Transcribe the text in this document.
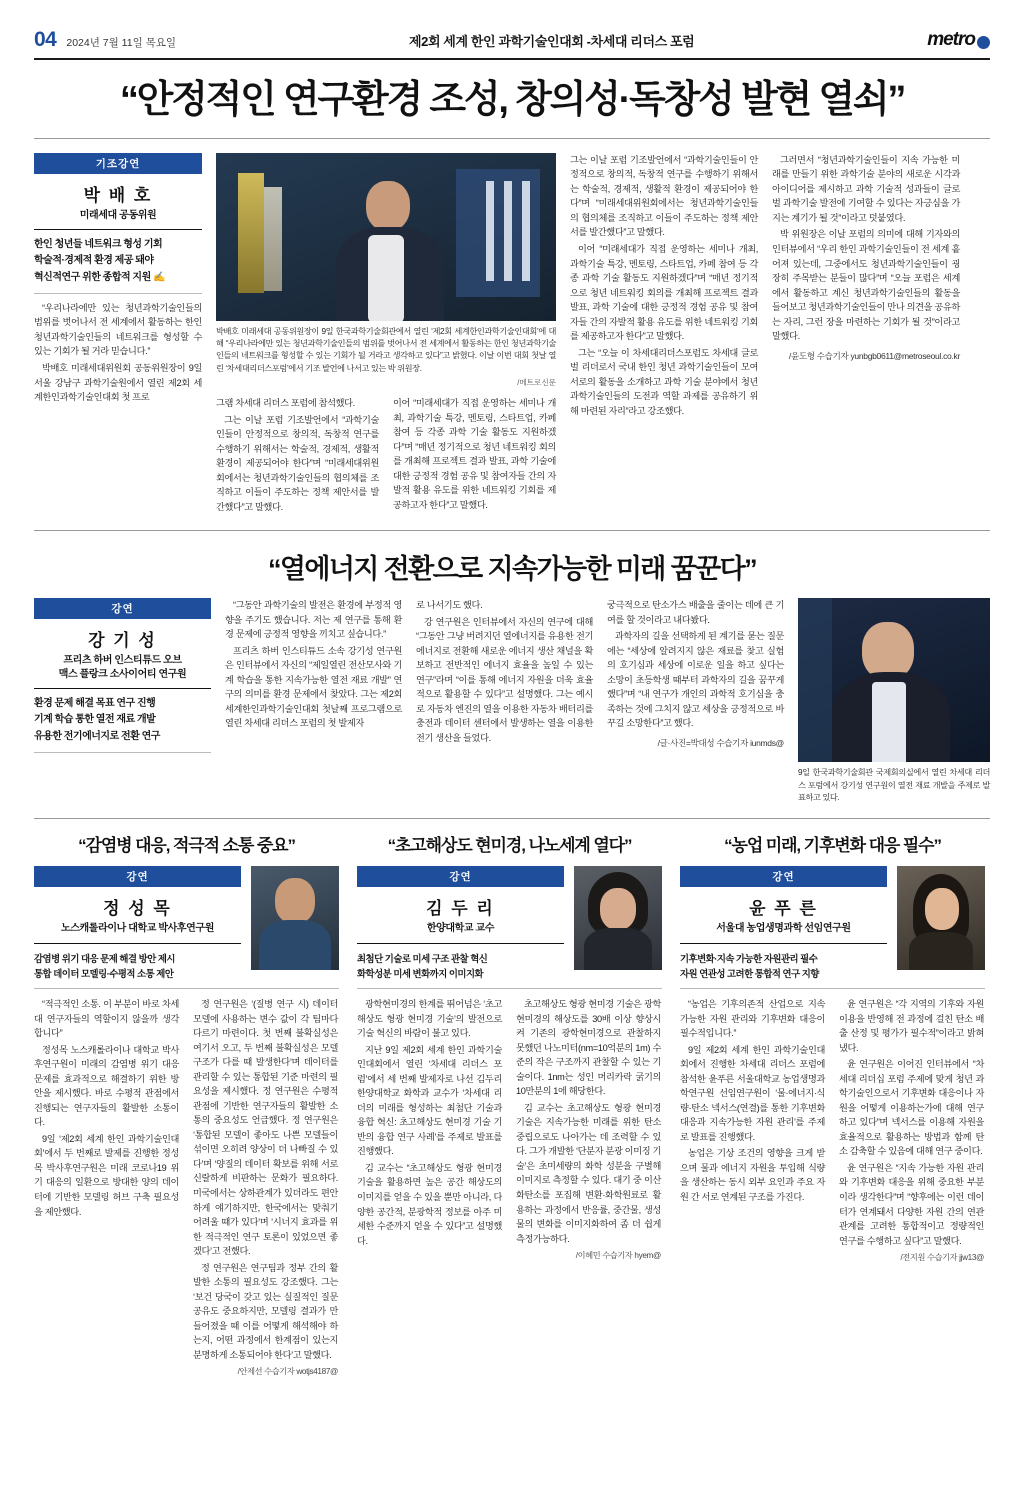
04 2024년 7월 11일 목요일	제2회 세계 한인 과학기술인대회 -차세대 리더스 포럼	metro
“안정적인 연구환경 조성, 창의성·독창성 발현 열쇠”
기조강연
박 배 호
미래세대 공동위원
한인 청년들 네트워크 형성 기회
학술적·경제적 환경 제공 돼야
혁신적연구 위한 종합적 지원 ✍

“우리나라에만 있는 청년과학기술인들의 범위를 벗어나서 전 세계에서 활동하는 한인 청년과학기술인들의 네트워크를 형성할 수 있는 기회가 될 거라 믿습니다.”

박배호 미래세대위원회 공동위원장이 9일 서울 강남구 과학기술원에서 열린 제2회 세계한인과학기술인대회 첫 프로

박배호 미래세대 공동위원장이 9일 한국과학기술회관에서 열린 ‘제2회 세계한인과학기술인대회’에 대해 “우리나라에만 있는 청년과학기술인들의 범위를 벗어나서 전 세계에서 활동하는 한인 청년과학기술인들의 네트워크를 형성할 수 있는 기회가 될 거라고 생각하고 있다”고 밝혔다. 이날 이번 대회 첫날 열린 ‘차세대리더스포럼’에서 기조 발언에 나서고 있는 박 위원장.
/메트로신문

그램 차세대 리더스 포럼에 참석했다.

그는 이날 포럼 기조발언에서 “과학기술인들이 안정적으로 창의적, 독창적 연구를 수행하기 위해서는 학술적, 경제적, 생활적 환경이 제공되어야 한다”며 “미래세대위원회에서는 청년과학기술인들의 협의체를 조직하고 이들이 주도하는 정책 제안서를 발간했다”고 말했다.

이어 “미래세대가 직접 운영하는 세미나 개최, 과학기술 특강, 멘토링, 스타트업, 카페 참여 등 각종 과학 기술 활동도 지원하겠다”며 “매년 정기적으로 청년 네트워킹 회의를 개최해 프로젝트 결과 발표, 과학 기술에 대한 긍정적 경험 공유 및 참여자들 간의 자발적 활용 유도를 위한 네트워킹 기회를 제공하고자 한다”고 말했다.

그는 이날 포럼 기조발언에서 “과학기술인들이 안정적으로 창의적, 독창적 연구를 수행하기 위해서는 학술적, 경제적, 생활적 환경이 제공되어야 한다”며 “미래세대위원회에서는 청년과학기술인들의 협의체를 조직하고 이들이 주도하는 정책 제안서를 발간했다”고 말했다.

이어 “미래세대가 직접 운영하는 세미나 개최, 과학기술 특강, 멘토링, 스타트업, 카페 참여 등 각종 과학 기술 활동도 지원하겠다”며 “매년 정기적으로 청년 네트워킹 회의를 개최해 프로젝트 결과 발표, 과학 기술에 대한 긍정적 경험 공유 및 참여자들 간의 자발적 활용 유도를 위한 네트워킹 기회를 제공하고자 한다”고 말했다.

그는 “오늘 이 차세대리더스포럼도 차세대 글로벌 리더로서 국내 한인 청년 과학기술인들이 모여 서로의 활동을 소개하고 과학 기술 분야에서 청년과학기술인들의 도전과 역할 과제를 공유하기 위해 마련된 자리”라고 강조했다.

그러면서 “청년과학기술인들이 지속 가능한 미래를 만들기 위한 과학기술 분야의 새로운 시각과 아이디어를 제시하고 과학 기술적 성과들이 글로벌 과학기술 발전에 기여할 수 있다는 자긍심을 가지는 계기가 될 것”이라고 덧붙였다.

박 위원장은 이날 포럼의 의미에 대해 기자와의 인터뷰에서 “우리 한인 과학기술인들이 전 세계 흩어져 있는데, 그중에서도 청년과학기술인들이 굉장히 주목받는 분들이 많다”며 “오늘 포럼은 세계에서 활동하고 계신 청년과학기술인들의 활동을 들어보고 청년과학기술인들이 만나 의견을 공유하는 자리, 그런 장을 마련하는 기회가 될 것”이라고 말했다.

/윤도형 수습기자 yunbgb0611@metroseoul.co.kr
“열에너지 전환으로 지속가능한 미래 꿈꾼다”
강연
강 기 성
프리츠 하버 인스티튜드 오브
맥스 플랑크 소사이어티 연구원
환경 문제 해결 목표 연구 진행
기계 학습 통한 열전 재료 개발
유용한 전기에너지로 전환 연구

“그동안 과학기술의 발전은 환경에 부정적 영향을 주기도 했습니다. 저는 제 연구를 통해 환경 문제에 긍정적 영향을 끼치고 싶습니다.”

프리츠 하버 인스티튜드 소속 강기성 연구원은 인터뷰에서 자신의 “제일열린 전산모사와 기계 학습을 통한 지속가능한 열전 재료 개발” 연구의 의미를 환경 문제에서 찾았다. 그는 제2회 세계한인과학기술인대회 첫날째 프로그램으로 열린 차세대 리더스 포럼의 첫 발제자

로 나서기도 했다.

강 연구원은 인터뷰에서 자신의 연구에 대해 “그동안 그냥 버려지던 열에너지를 유용한 전기에너지로 전환해 새로운 에너지 생산 채널을 확보하고 전반적인 에너지 효율을 높일 수 있는 연구”라며 “이를 통해 에너지 자원을 더욱 효율적으로 활용할 수 있다”고 설명했다. 그는 예시로 자동차 엔진의 열을 이용한 자동차 배터리를 충전과 데이터 센터에서 발생하는 열을 이용한 전기 생산을 들었다.

궁극적으로 탄소가스 배출을 줄이는 데에 큰 기여를 할 것이라고 내다봤다.

과학자의 길을 선택하게 된 계기를 묻는 질문에는 “세상에 알려지지 않은 재료를 찾고 실험의 호기심과 세상에 이로운 일을 하고 싶다는 소망이 초등학생 때부터 과학자의 길을 꿈꾸게 했다”며 “내 연구가 개인의 과학적 호기심을 충족하는 것에 그치지 않고 세상을 긍정적으로 바꾸길 소망한다”고 했다.

/글·사진=박대성 수습기자 iunmds@
9일 한국과학기술회관 국제회의실에서 열린 차세대 리더스 포럼에서 강기성 연구원이 열전 재료 개발을 주제로 발표하고 있다.
“감염병 대응, 적극적 소통 중요”
강연
정 성 목
노스캐롤라이나 대학교 박사후연구원
감염병 위기 대응 문제 해결 방안 제시
통합 데이터 모델링·수평적 소통 제안

“적극적인 소통. 이 부분이 바로 차세대 연구자들의 역할이지 않을까 생각합니다”

정성목 노스캐롤라이나 대학교 박사후연구원이 미래의 감염병 위기 대응 문제를 효과적으로 해결하기 위한 방안을 제시했다. 바로 수평적 관점에서 진행되는 연구자들의 활발한 소통이다.

9일 ‘제2회 세계 한인 과학기술인대회’에서 두 번째로 발제를 진행한 정성목 박사후연구원은 미래 코로나19 위기 대응의 일환으로 방대한 양의 데이터에 기반한 모델링 허브 구축 필요성을 제안했다.

정 연구원은 ‘(질병 연구 시) 데이터 모델에 사용하는 변수 값이 각 팀마다 다르기 마련이다. 첫 번째 불확실성은 여기서 오고, 두 번째 불확실성은 모델 구조가 다를 때 발생한다’며 데이터를 관리할 수 있는 통합된 기준 마련의 필요성을 제시했다. 정 연구원은 수평적 관점에 기반한 연구자들의 활발한 소통의 중요성도 언급했다. 정 연구원은 ‘통합된 모델이 좋아도 나쁜 모델들이 섞이면 오히려 양상이 더 나빠질 수 있다’며 ‘양질의 데이터 확보를 위해 서로 신랄하게 비판하는 문화가 필요하다. 미국에서는 상하관계가 있더라도 편안하게 얘기하지만, 한국에서는 맞춰기 어려울 때가 있다’며 ‘시너지 효과를 위한 적극적인 연구 토론이 있었으면 좋겠다’고 전했다.

정 연구원은 연구팀과 정부 간의 활발한 소통의 필요성도 강조했다. 그는 ‘보건 당국이 갖고 있는 실질적인 질문 공유도 중요하지만, 모델링 결과가 만들어졌을 때 이를 어떻게 해석해야 하는지, 어떤 과정에서 한계점이 있는지 분명하게 소통되어야 한다’고 말했다.

/안제선 수습기자 wotjs4187@
“초고해상도 현미경, 나노세계 열다”
강연
김 두 리
한양대학교 교수
최첨단 기술로 미세 구조 관찰 혁신
화학성분 미세 변화까지 이미지화

광학현미경의 한계를 뛰어넘은 ‘초고해상도 형광 현미경 기술’의 발전으로 기술 혁신의 바람이 불고 있다.

지난 9일 제2회 세계 한인 과학기술인대회에서 열린 ‘차세대 리더스 포럼’에서 세 번째 발제자로 나선 김두리 한양대학교 화학과 교수가 ‘차세대 리더의 미래를 형성하는 최첨단 기술과 융합 혁신: 초고해상도 현미경 기술 기반의 융합 연구 사례’를 주제로 발표를 진행했다.

김 교수는 “초고해상도 형광 현미경 기술을 활용하면 높은 공간 해상도의 이미지를 얻을 수 있을 뿐만 아니라, 다양한 공간적, 분광학적 정보를 아주 미세한 수준까지 얻을 수 있다”고 설명했다.

초고해상도 형광 현미경 기술은 광학 현미경의 해상도를 30배 이상 향상시켜 기존의 광학현미경으로 관찰하지 못했던 나노미터(nm=10억분의 1m) 수준의 작은 구조까지 관찰할 수 있는 기술이다. 1nm는 성인 머리카락 굵기의 10만분의 1에 해당한다.

김 교수는 초고해상도 형광 현미경 기술은 지속가능한 미래를 위한 탄소중립으로도 나아가는 데 조력할 수 있다. 그가 개발한 ‘단분자 분광 이미징 기술’은 초미세량의 화학 성분을 구별해 이미지로 측정할 수 있다. 대기 중 이산화탄소를 포집해 변환·화학원료로 활용하는 과정에서 반응률, 중간물, 생성물의 변화를 이미지화하여 좀 더 쉽게 측정가능하다.

/이혜민 수습기자 hyem@
“농업 미래, 기후변화 대응 필수”
강연
윤 푸 른
서울대 농업생명과학 선임연구원
기후변화·지속 가능한 자원관리 필수
자원 연관성 고려한 통합적 연구 지향

“농업은 기후의존적 산업으로 지속 가능한 자원 관리와 기후변화 대응이 필수적입니다.”

9일 제2회 세계 한인 과학기술인대회에서 진행한 차세대 리더스 포럼에 참석한 윤푸른 서울대학교 농업생명과학연구원 선임연구원이 ‘물·에너지·식량·탄소 넥서스(연결)를 통한 기후변화 대응과 지속가능한 자원 관리’를 주제로 발표를 진행했다.

농업은 기상 조건의 영향을 크게 받으며 물과 에너지 자원을 투입해 식량을 생산하는 동시 외부 요인과 주요 자원 간 서로 연계된 구조를 가진다.

윤 연구원은 “각 지역의 기후와 자원 이용을 반영해 전 과정에 걸친 탄소 배출 산정 및 평가가 필수적”이라고 밝혀냈다.

윤 연구원은 이어진 인터뷰에서 “차세대 리더십 포럼 주제에 맞게 청년 과학기술인으로서 기후변화 대응이나 자원을 어떻게 이용하는가에 대해 연구하고 있다”며 넥서스를 이용해 자원을 효율적으로 활용하는 방법과 함께 탄소 감축할 수 있음에 대해 연구 중이다.

윤 연구원은 “지속 가능한 자원 관리와 기후변화 대응을 위해 중요한 부분이라 생각한다”며 “향후에는 이런 데이터가 연계돼서 다양한 자원 간의 연관관계를 고려한 통합적이고 정량적인 연구를 수행하고 싶다”고 말했다.

/전지원 수습기자 jjw13@
